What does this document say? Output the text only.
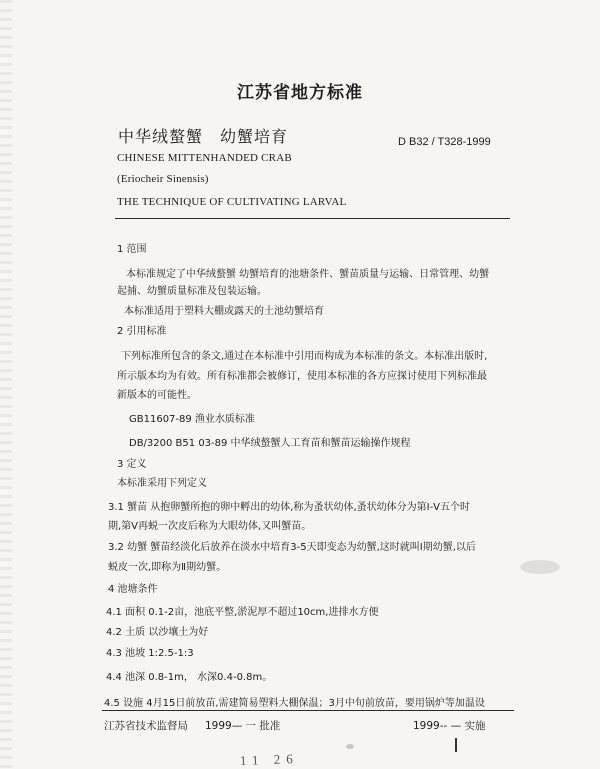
江苏省地方标准
中华绒螯蟹　幼蟹培育	D B32 / T328-1999
CHINESE MITTENHANDED CRAB
(Eriocheir Sinensis)
THE TECHNIQUE OF CULTIVATING LARVAL
1 范围
本标准规定了中华绒螯蟹 幼蟹培育的池塘条件、蟹苗质量与运输、日常管理、幼蟹
起捕、幼蟹质量标准及包装运输。
本标准适用于塑料大棚或露天的土池幼蟹培育
2 引用标准
下列标准所包含的条文,通过在本标准中引用而构成为本标准的条文。本标准出版时,
所示版本均为有效。所有标准都会被修订，使用本标准的各方应探讨使用下列标准最
新版本的可能性。
GB11607-89 渔业水质标准
DB/3200 B51 03-89 中华绒螯蟹人工育苗和蟹苗运输操作规程
3 定义
本标准采用下列定义
3.1 蟹苗 从抱卵蟹所抱的卵中孵出的幼体,称为蚤状幼体,蚤状幼体分为第Ⅰ-Ⅴ五个时
期,第Ⅴ再蜕一次皮后称为大眼幼体,又叫蟹苗。
3.2 幼蟹 蟹苗经淡化后放养在淡水中培育3-5天即变态为幼蟹,这时就叫Ⅰ期幼蟹,以后
蜕皮一次,即称为Ⅱ期幼蟹。
4 池塘条件
4.1 面积 0.1-2亩，池底平整,淤泥厚不超过10cm,进排水方便
4.2 土质 以沙壤土为好
4.3 池坡 1:2.5-1:3
4.4 池深 0.8-1m， 水深0.4-0.8m。
4.5 设施 4月15日前放苗,需建简易塑料大棚保温；3月中旬前放苗，要用锅炉等加温设
江苏省技术监督局 1999— 一 批准	1999-- — 实施
11 26
